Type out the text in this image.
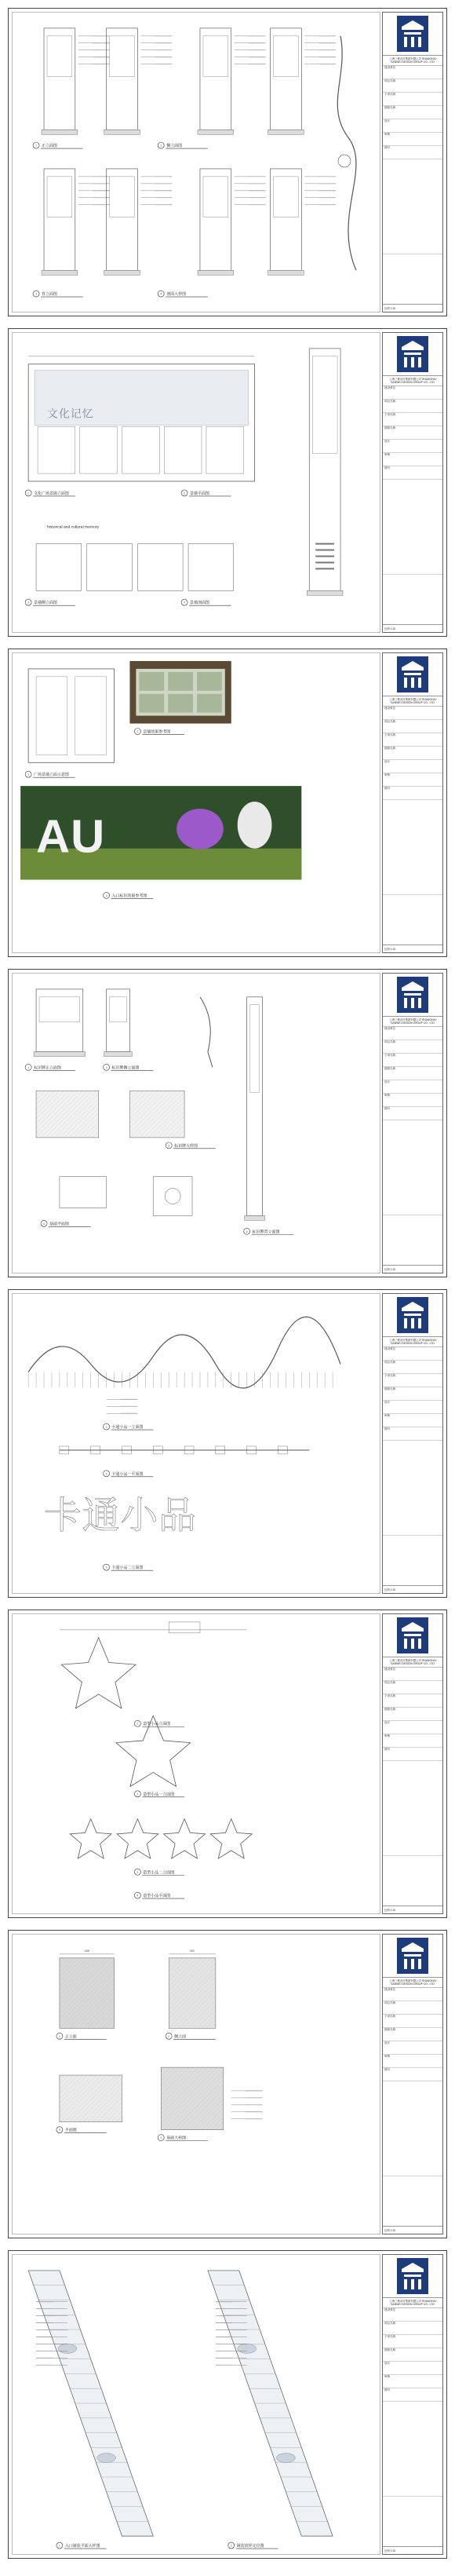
1 正立面图	2 侧立面图
3 背立面图	4 剖面大样图
上海三维设计集团有限公司 SHANGHAI SANWEI DESIGN GROUP CO., LTD
建设单位
项目名称
子项名称
图纸名称
设计
审核
图号
比例 1:20
文化记忆
historical and cultural memory
1 文化广场景墙立面图	2 景墙平面图
3 景墙侧立面图	4 景墙剖面图
上海三维设计集团有限公司 SHANGHAI SANWEI DESIGN GROUP CO., LTD
建设单位
项目名称
子项名称
图纸名称
设计
审核
图号
比例 1:20
AU
1 广场景墙立面示意图
2 景墙效果参考图
3 入口标识效果参考图
上海三维设计集团有限公司 SHANGHAI SANWEI DESIGN GROUP CO., LTD
建设单位
项目名称
子项名称
图纸名称
设计
审核
图号
比例 1:20
1 标识牌正立面图	2 标识牌侧立面图
3 标识牌大样图
4 基础平面图
5 标识牌背立面图
上海三维设计集团有限公司 SHANGHAI SANWEI DESIGN GROUP CO., LTD
建设单位
项目名称
子项名称
图纸名称
设计
审核
图号
比例 1:20
卡通小品
1 卡通小品一立面图
2 卡通小品一平面图
3 卡通小品二立面图
上海三维设计集团有限公司 SHANGHAI SANWEI DESIGN GROUP CO., LTD
建设单位
项目名称
子项名称
图纸名称
设计
审核
图号
比例 1:20
1 造型小品立面图
2 造型小品一立面图
3 造型小品二立面图
4 造型小品平面图
上海三维设计集团有限公司 SHANGHAI SANWEI DESIGN GROUP CO., LTD
建设单位
项目名称
子项名称
图纸名称
设计
审核
图号
比例 1:20
1000	500
1 正立面	2 侧立面
3 平面图
4 基础大样图
上海三维设计集团有限公司 SHANGHAI SANWEI DESIGN GROUP CO., LTD
建设单位
项目名称
子项名称
图纸名称
设计
审核
图号
比例 1:20
1 入口铺装平面大样图	2 铺装放样定位图
上海三维设计集团有限公司 SHANGHAI SANWEI DESIGN GROUP CO., LTD
建设单位
项目名称
子项名称
图纸名称
设计
审核
图号
比例 1:20
